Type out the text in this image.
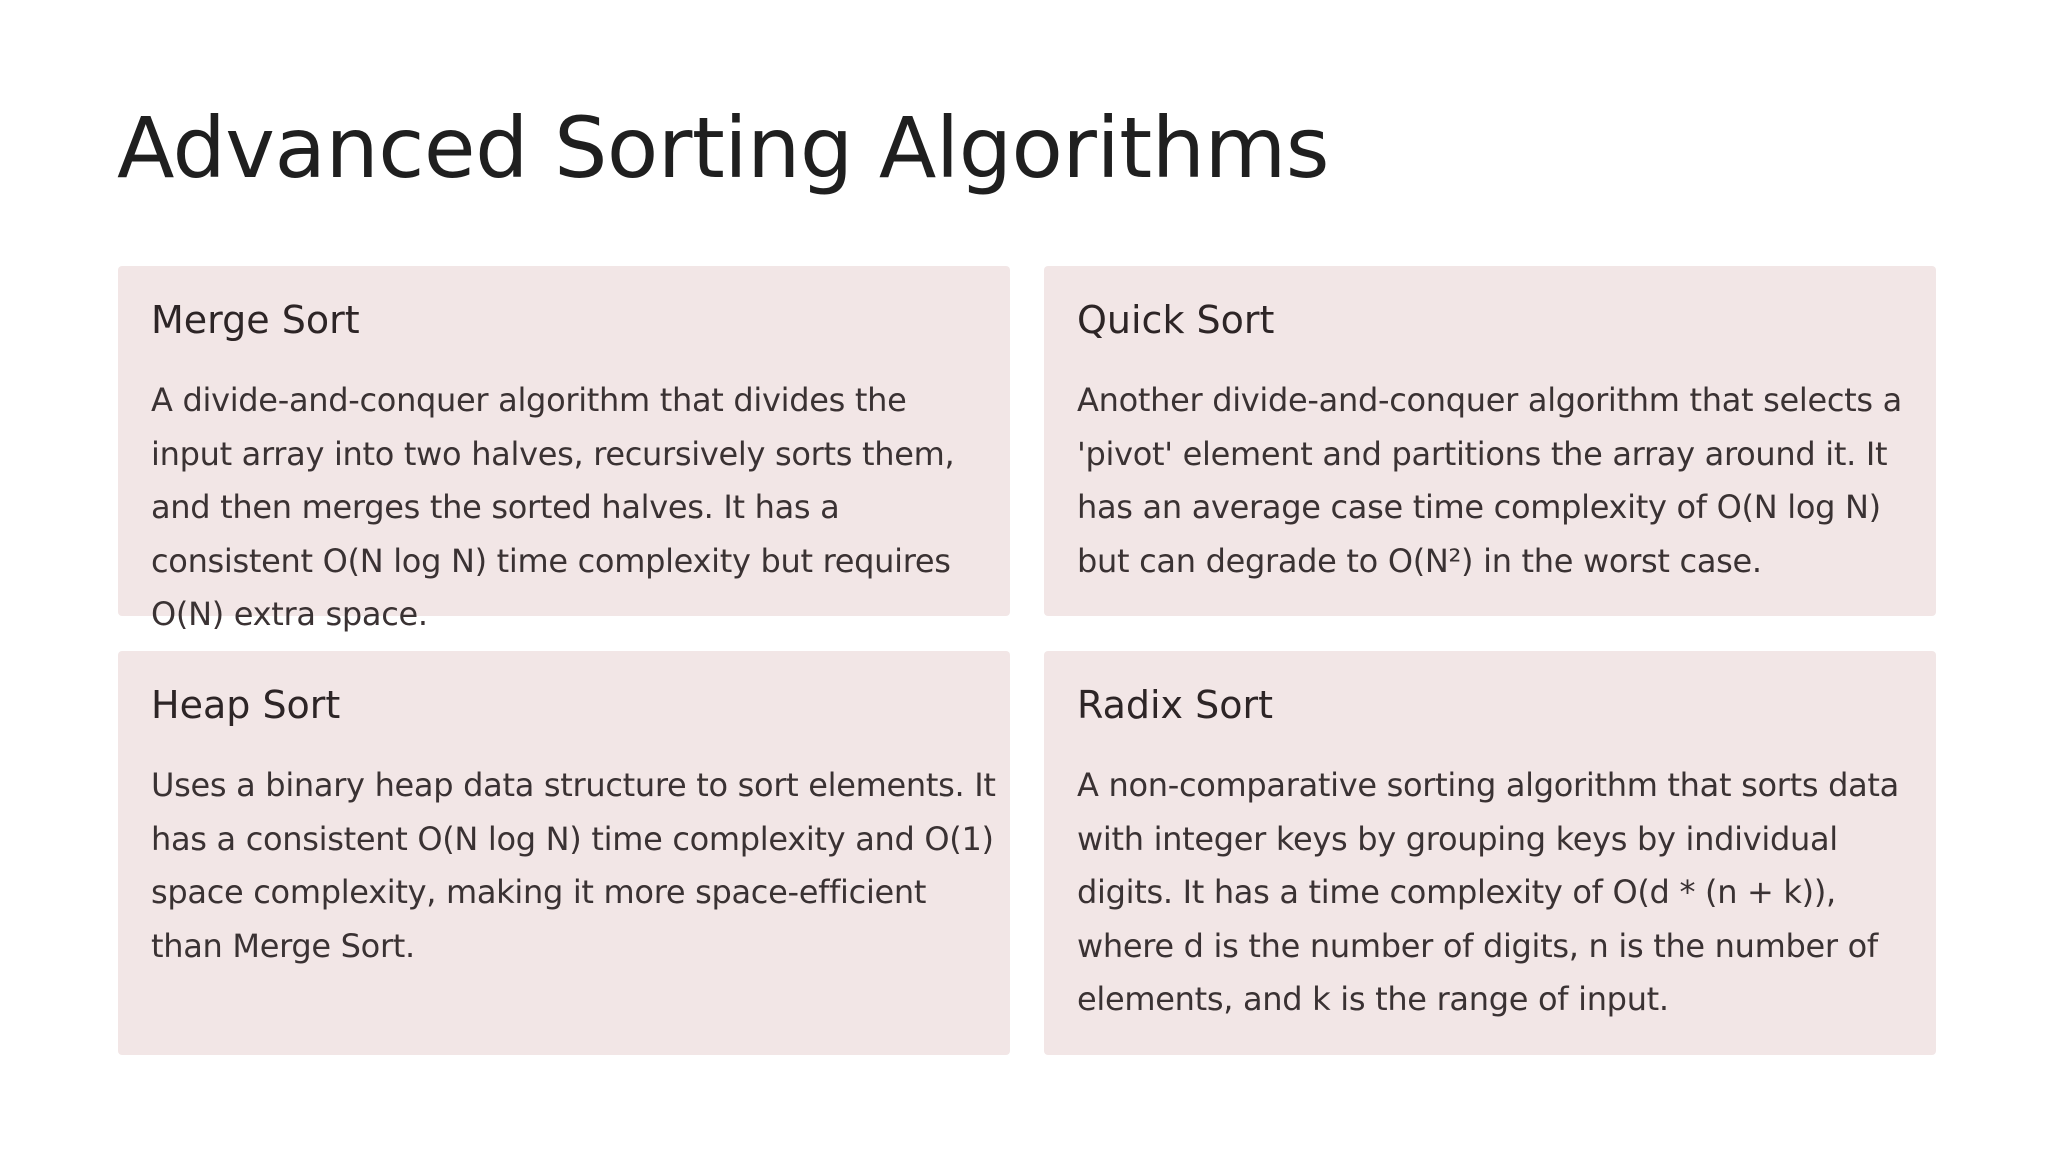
Advanced Sorting Algorithms
Merge Sort

A divide-and-conquer algorithm that divides the
input array into two halves, recursively sorts them,
and then merges the sorted halves. It has a
consistent O(N log N) time complexity but requires
O(N) extra space.

Quick Sort

Another divide-and-conquer algorithm that selects a
'pivot' element and partitions the array around it. It
has an average case time complexity of O(N log N)
but can degrade to O(N²) in the worst case.

Heap Sort

Uses a binary heap data structure to sort elements. It
has a consistent O(N log N) time complexity and O(1)
space complexity, making it more space-efficient
than Merge Sort.

Radix Sort

A non-comparative sorting algorithm that sorts data
with integer keys by grouping keys by individual
digits. It has a time complexity of O(d * (n + k)),
where d is the number of digits, n is the number of
elements, and k is the range of input.
